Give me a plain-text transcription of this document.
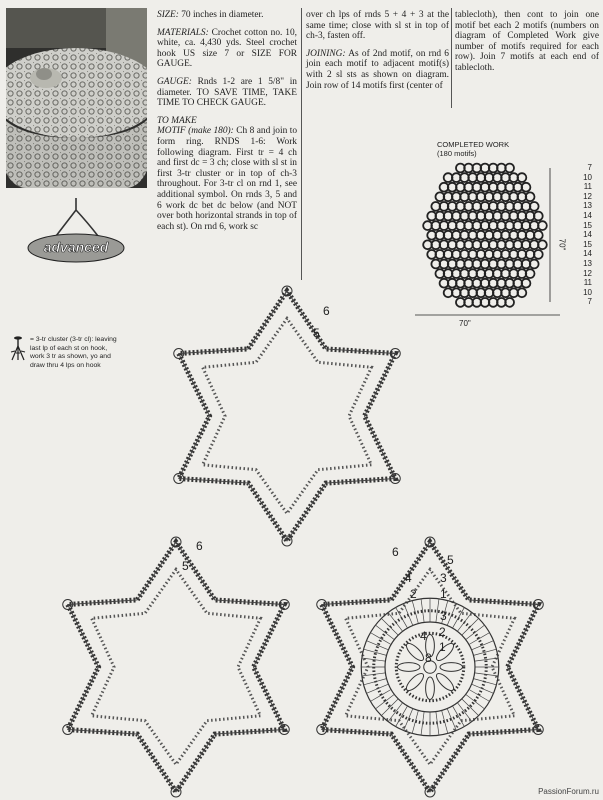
advanced

SIZE: 70 inches in diameter.

MATERIALS: Crochet cotton no. 10, white, ca. 4,430 yds. Steel crochet hook US size 7 or SIZE FOR GAUGE.

GAUGE: Rnds 1-2 are 1 5/8" in diameter. TO SAVE TIME, TAKE TIME TO CHECK GAUGE.

TO MAKE
MOTIF (make 180): Ch 8 and join to form ring. RNDS 1-6: Work following diagram. First tr = 4 ch and first dc = 3 ch; close with sl st in first 3-tr cluster or in top of ch-3 throughout. For 3-tr cl on rnd 1, see additional symbol. On rnds 3, 5 and 6 work dc bet dc below (and NOT over both horizontal strands in top of each st). On rnd 6, work sc

over ch lps of rnds 5 + 4 + 3 at the same time; close with sl st in top of ch-3, fasten off.

JOINING: As of 2nd motif, on rnd 6 join each motif to adjacent motif(s) with 2 sl sts as shown on diagram. Join row of 14 motifs first (center of

tablecloth), then cont to join one motif bet each 2 motifs (numbers on diagram of Completed Work give number of motifs required for each row). Join 7 motifs at each end of tablecloth.

COMPLETED WORK
(180 motifs)
7
10
11
12
13
14
15
14
15
14
13
12
11
10
7
70"
70"
= 3-tr cluster (3-tr cl): leaving last lp of each st on hook, work 3 tr as shown, yo and draw thru 4 lps on hook
6
5
6
5
6
5
4 3
2 1
4
3
2
1
8
PassionForum.ru
